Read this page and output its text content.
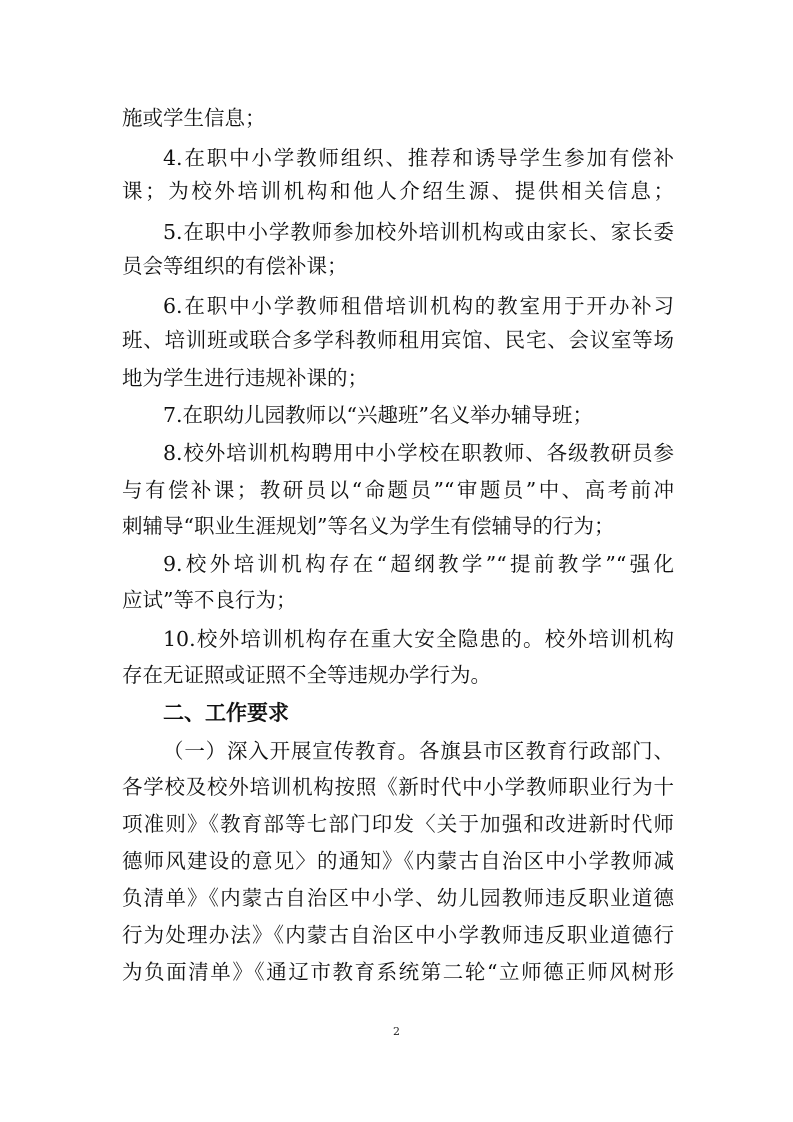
施或学生信息；
4.在职中小学教师组织、推荐和诱导学生参加有偿补
课；为校外培训机构和他人介绍生源、提供相关信息；
5.在职中小学教师参加校外培训机构或由家长、家长委
员会等组织的有偿补课；
6.在职中小学教师租借培训机构的教室用于开办补习
班、培训班或联合多学科教师租用宾馆、民宅、会议室等场
地为学生进行违规补课的；
7.在职幼儿园教师以“兴趣班”名义举办辅导班；
8.校外培训机构聘用中小学校在职教师、各级教研员参
与有偿补课；教研员以“命题员”“审题员”中、高考前冲
刺辅导“职业生涯规划”等名义为学生有偿辅导的行为；
9.校外培训机构存在“超纲教学”“提前教学”“强化
应试”等不良行为；
10.校外培训机构存在重大安全隐患的。校外培训机构
存在无证照或证照不全等违规办学行为。
二、工作要求
（一）深入开展宣传教育。各旗县市区教育行政部门、
各学校及校外培训机构按照《新时代中小学教师职业行为十
项准则》《教育部等七部门印发〈关于加强和改进新时代师
德师风建设的意见〉的通知》《内蒙古自治区中小学教师减
负清单》《内蒙古自治区中小学、幼儿园教师违反职业道德
行为处理办法》《内蒙古自治区中小学教师违反职业道德行
为负面清单》《通辽市教育系统第二轮“立师德正师风树形
2
